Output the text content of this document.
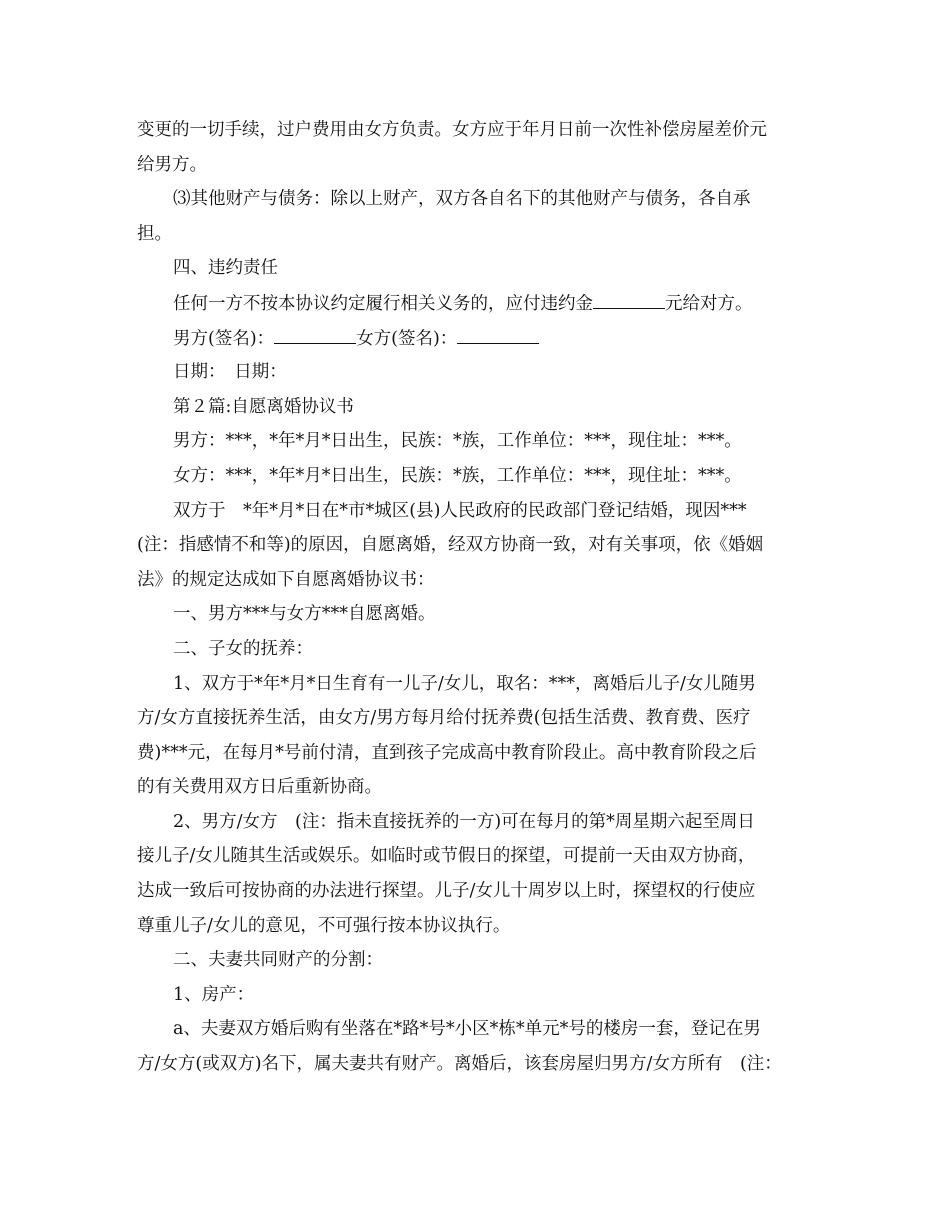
变更的一切手续，过户费用由女方负责。女方应于年月日前一次性补偿房屋差价元
给男方。
⑶其他财产与债务：除以上财产，双方各自名下的其他财产与债务，各自承
担。
四、违约责任
任何一方不按本协议约定履行相关义务的，应付违约金	元给对方。
男方(签名)：	女方(签名)：
日期：　日期：
第２篇:自愿离婚协议书
男方：***，*年*月*日出生，民族：*族，工作单位：***，现住址：***。
女方：***，*年*月*日出生，民族：*族，工作单位：***，现住址：***。
双方于　*年*月*日在*市*城区(县)人民政府的民政部门登记结婚，现因***
(注：指感情不和等)的原因，自愿离婚，经双方协商一致，对有关事项，依《婚姻
法》的规定达成如下自愿离婚协议书：
一、男方***与女方***自愿离婚。
二、子女的抚养：
1、双方于*年*月*日生育有一儿子/女儿，取名：***，离婚后儿子/女儿随男
方/女方直接抚养生活，由女方/男方每月给付抚养费(包括生活费、教育费、医疗
费)***元，在每月*号前付清，直到孩子完成高中教育阶段止。高中教育阶段之后
的有关费用双方日后重新协商。
2、男方/女方　(注：指未直接抚养的一方)可在每月的第*周星期六起至周日
接儿子/女儿随其生活或娱乐。如临时或节假日的探望，可提前一天由双方协商，
达成一致后可按协商的办法进行探望。儿子/女儿十周岁以上时，探望权的行使应
尊重儿子/女儿的意见，不可强行按本协议执行。
二、夫妻共同财产的分割：
1、房产：
a、夫妻双方婚后购有坐落在*路*号*小区*栋*单元*号的楼房一套，登记在男
方/女方(或双方)名下，属夫妻共有财产。离婚后，该套房屋归男方/女方所有　(注：
